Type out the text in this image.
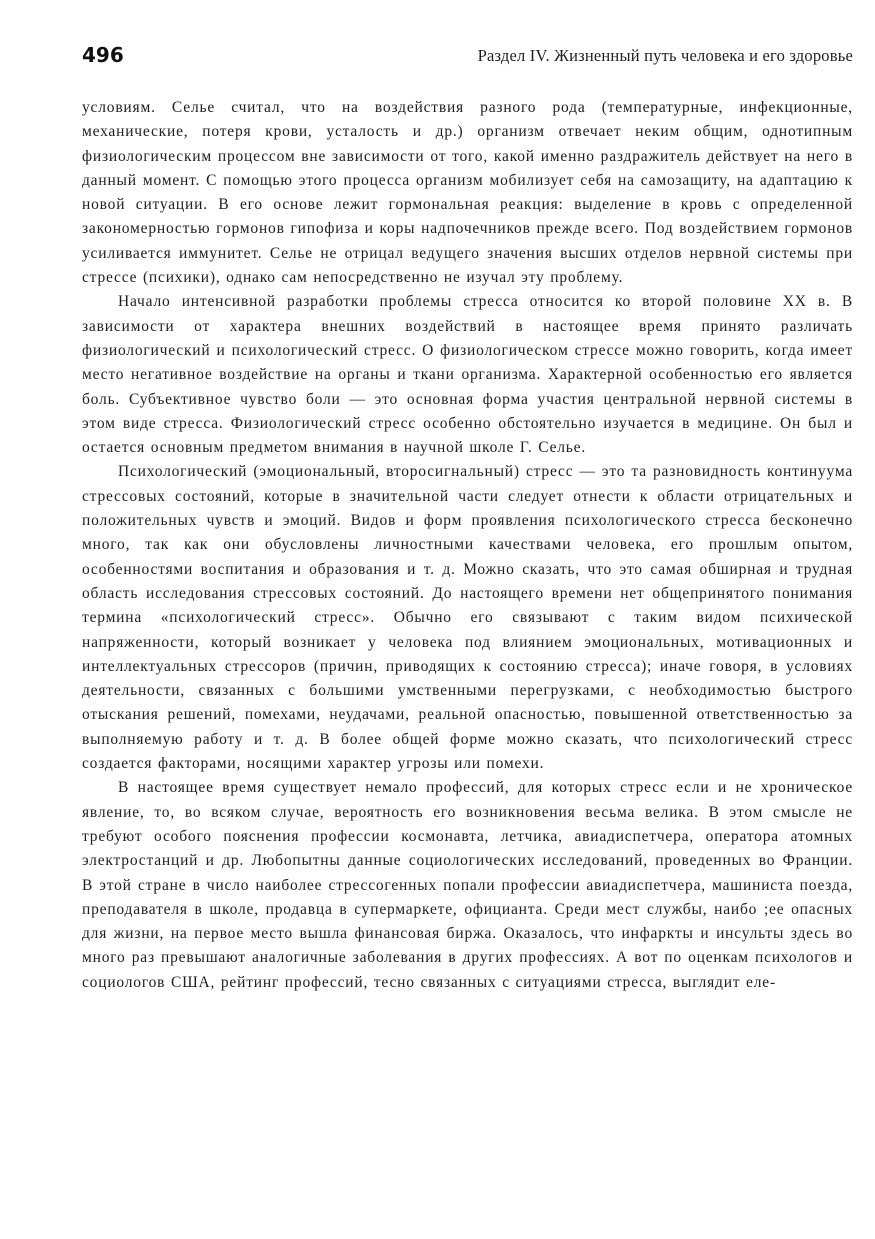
496	Раздел IV. Жизненный путь человека и его здоровье

условиям. Селье считал, что на воздействия разного рода (температурные, инфекционные, механические, потеря крови, усталость и др.) организм отвечает неким общим, однотипным физиологическим процессом вне зависимости от того, какой именно раздражитель действует на него в данный момент. С помощью этого процесса организм мобилизует себя на самозащиту, на адаптацию к новой ситуации. В его основе лежит гормональная реакция: выделение в кровь с определенной закономерностью гормонов гипофиза и коры надпочечников прежде всего. Под воздействием гормонов усиливается иммунитет. Селье не отрицал ведущего значения высших отделов нервной системы при стрессе (психики), однако сам непосредственно не изучал эту проблему.

Начало интенсивной разработки проблемы стресса относится ко второй половине XX в. В зависимости от характера внешних воздействий в настоящее время принято различать физиологический и психологический стресс. О физиологическом стрессе можно говорить, когда имеет место негативное воздействие на органы и ткани организма. Характерной особенностью его является боль. Субъективное чувство боли — это основная форма участия центральной нервной системы в этом виде стресса. Физиологический стресс особенно обстоятельно изучается в медицине. Он был и остается основным предметом внимания в научной школе Г. Селье.

Психологический (эмоциональный, второсигнальный) стресс — это та разновидность континуума стрессовых состояний, которые в значительной части следует отнести к области отрицательных и положительных чувств и эмоций. Видов и форм проявления психологического стресса бесконечно много, так как они обусловлены личностными качествами человека, его прошлым опытом, особенностями воспитания и образования и т. д. Можно сказать, что это самая обширная и трудная область исследования стрессовых состояний. До настоящего времени нет общепринятого понимания термина «психологический стресс». Обычно его связывают с таким видом психической напряженности, который возникает у человека под влиянием эмоциональных, мотивационных и интеллектуальных стрессоров (причин, приводящих к состоянию стресса); иначе говоря, в условиях деятельности, связанных с большими умственными перегрузками, с необходимостью быстрого отыскания решений, помехами, неудачами, реальной опасностью, повышенной ответственностью за выполняемую работу и т. д. В более общей форме можно сказать, что психологический стресс создается факторами, носящими характер угрозы или помехи.

В настоящее время существует немало профессий, для которых стресс если и не хроническое явление, то, во всяком случае, вероятность его возникновения весьма велика. В этом смысле не требуют особого пояснения профессии космонавта, летчика, авиадиспетчера, оператора атомных электростанций и др. Любопытны данные социологических исследований, проведенных во Франции. В этой стране в число наиболее стрессогенных попали профессии авиадиспетчера, машиниста поезда, преподавателя в школе, продавца в супермаркете, официанта. Среди мест службы, наибо ;ее опасных для жизни, на первое место вышла финансовая биржа. Оказалось, что инфаркты и инсульты здесь во много раз превышают аналогичные заболевания в других профессиях. А вот по оценкам психологов и социологов США, рейтинг профессий, тесно связанных с ситуациями стресса, выглядит еле-
